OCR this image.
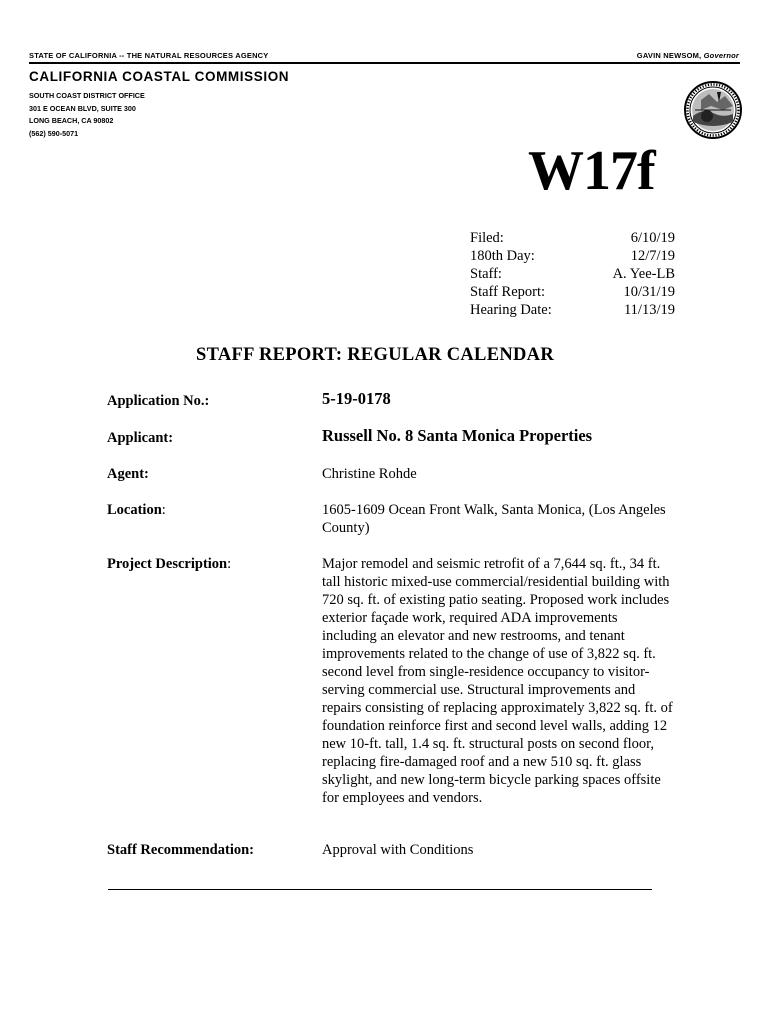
STATE OF CALIFORNIA -- THE NATURAL RESOURCES AGENCY	GAVIN NEWSOM, Governor
CALIFORNIA COASTAL COMMISSION
SOUTH COAST DISTRICT OFFICE
301 E OCEAN BLVD, SUITE 300
LONG BEACH, CA 90802
(562) 590-5071
W17f
Filed:	6/10/19
180th Day:	12/7/19
Staff:	A. Yee-LB
Staff Report:	10/31/19
Hearing Date:	11/13/19
STAFF REPORT: REGULAR CALENDAR
Application No.:	5-19-0178
Applicant:	Russell No. 8 Santa Monica Properties
Agent:	Christine Rohde
Location:	1605-1609 Ocean Front Walk, Santa Monica, (Los Angeles County)
Project Description:	Major remodel and seismic retrofit of a 7,644 sq. ft., 34 ft. tall historic mixed-use commercial/residential building with 720 sq. ft. of existing patio seating. Proposed work includes exterior façade work, required ADA improvements including an elevator and new restrooms, and tenant improvements related to the change of use of 3,822 sq. ft. second level from single-residence occupancy to visitor-serving commercial use. Structural improvements and repairs consisting of replacing approximately 3,822 sq. ft. of foundation reinforce first and second level walls, adding 12 new 10-ft. tall, 1.4 sq. ft. structural posts on second floor, replacing fire-damaged roof and a new 510 sq. ft. glass skylight, and new long-term bicycle parking spaces offsite for employees and vendors.
Staff Recommendation:	Approval with Conditions
